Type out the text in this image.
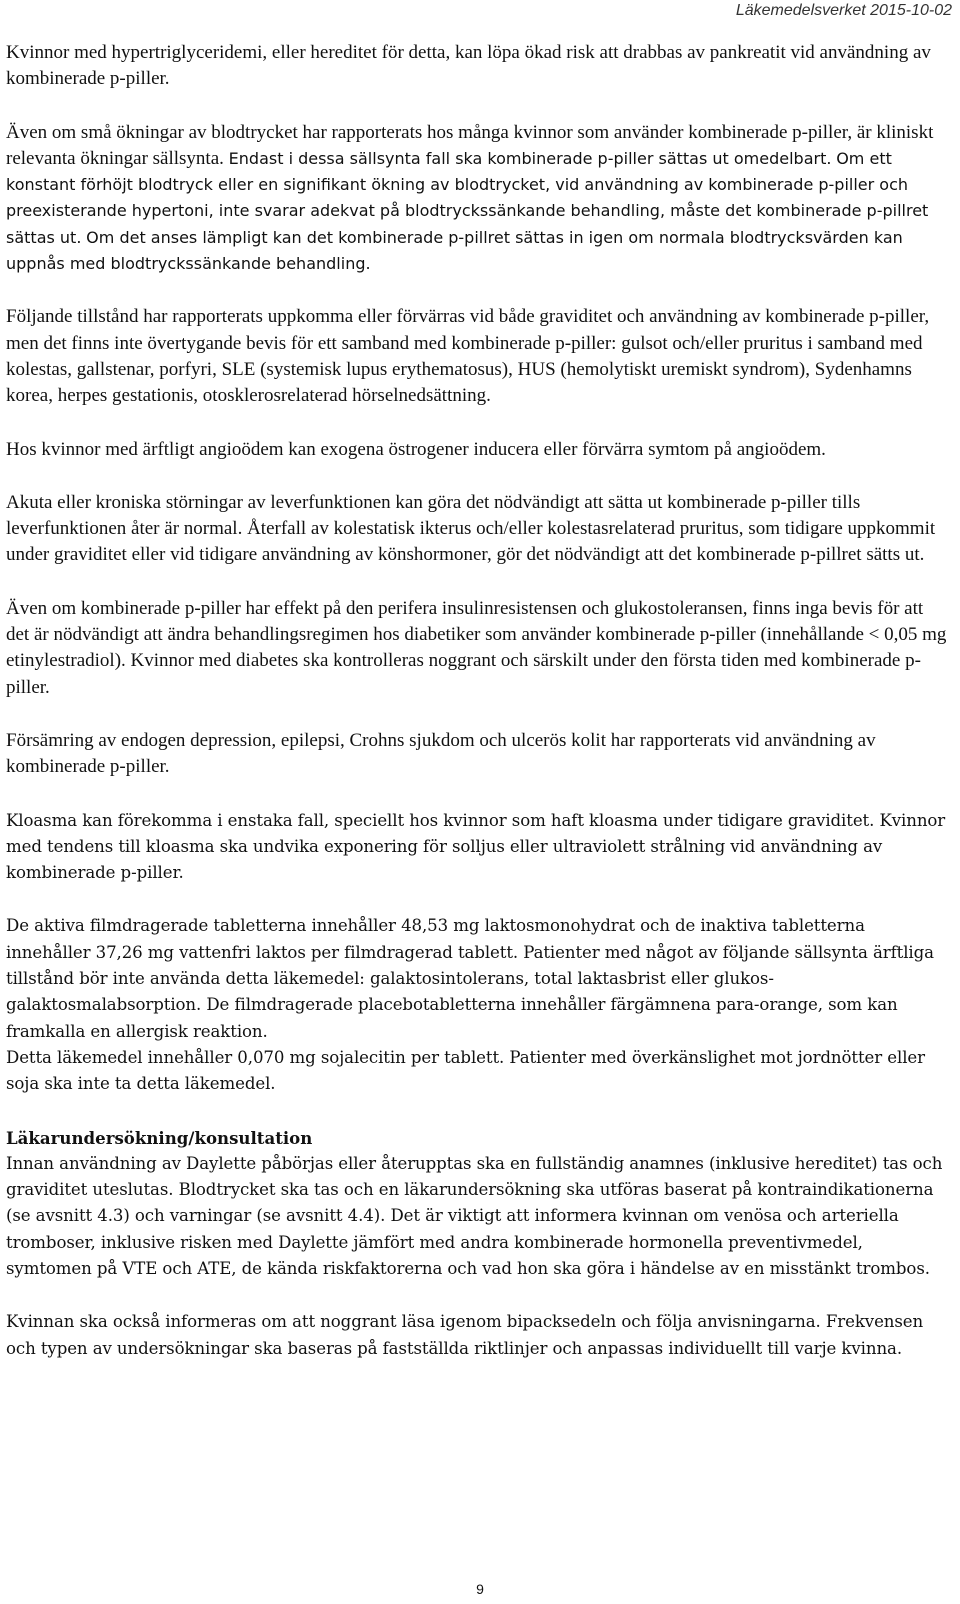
Läkemedelsverket 2015-10-02

Kvinnor med hypertriglyceridemi, eller hereditet för detta, kan löpa ökad risk att drabbas av pankreatit vid användning av kombinerade p-piller.

Även om små ökningar av blodtrycket har rapporterats hos många kvinnor som använder kombinerade p-piller, är kliniskt relevanta ökningar sällsynta. Endast i dessa sällsynta fall ska kombinerade p-piller sättas ut omedelbart. Om ett konstant förhöjt blodtryck eller en signifikant ökning av blodtrycket, vid användning av kombinerade p-piller och preexisterande hypertoni, inte svarar adekvat på blodtryckssänkande behandling, måste det kombinerade p-pillret sättas ut. Om det anses lämpligt kan det kombinerade p-pillret sättas in igen om normala blodtrycksvärden kan uppnås med blodtryckssänkande behandling.

Följande tillstånd har rapporterats uppkomma eller förvärras vid både graviditet och användning av kombinerade p-piller, men det finns inte övertygande bevis för ett samband med kombinerade p-piller: gulsot och/eller pruritus i samband med kolestas, gallstenar, porfyri, SLE (systemisk lupus erythematosus), HUS (hemolytiskt uremiskt syndrom), Sydenhamns korea, herpes gestationis, otosklerosrelaterad hörselnedsättning.

Hos kvinnor med ärftligt angioödem kan exogena östrogener inducera eller förvärra symtom på angioödem.

Akuta eller kroniska störningar av leverfunktionen kan göra det nödvändigt att sätta ut kombinerade p-piller tills leverfunktionen åter är normal. Återfall av kolestatisk ikterus och/eller kolestasrelaterad pruritus, som tidigare uppkommit under graviditet eller vid tidigare användning av könshormoner, gör det nödvändigt att det kombinerade p-pillret sätts ut.

Även om kombinerade p-piller har effekt på den perifera insulinresistensen och glukostoleransen, finns inga bevis för att det är nödvändigt att ändra behandlingsregimen hos diabetiker som använder kombinerade p-piller (innehållande < 0,05 mg etinylestradiol). Kvinnor med diabetes ska kontrolleras noggrant och särskilt under den första tiden med kombinerade p-piller.

Försämring av endogen depression, epilepsi, Crohns sjukdom och ulcerös kolit har rapporterats vid användning av kombinerade p-piller.

Kloasma kan förekomma i enstaka fall, speciellt hos kvinnor som haft kloasma under tidigare graviditet. Kvinnor med tendens till kloasma ska undvika exponering för solljus eller ultraviolett strålning vid användning av kombinerade p-piller.

De aktiva filmdragerade tabletterna innehåller 48,53 mg laktosmonohydrat och de inaktiva tabletterna innehåller 37,26 mg vattenfri laktos per filmdragerad tablett. Patienter med något av följande sällsynta ärftliga tillstånd bör inte använda detta läkemedel: galaktosintolerans, total laktasbrist eller glukos-galaktosmalabsorption. De filmdragerade placebotabletterna innehåller färgämnena para-orange, som kan framkalla en allergisk reaktion.

Detta läkemedel innehåller 0,070 mg sojalecitin per tablett. Patienter med överkänslighet mot jordnötter eller soja ska inte ta detta läkemedel.

Läkarundersökning/konsultation

Innan användning av Daylette påbörjas eller återupptas ska en fullständig anamnes (inklusive hereditet) tas och graviditet uteslutas. Blodtrycket ska tas och en läkarundersökning ska utföras baserat på kontraindikationerna (se avsnitt 4.3) och varningar (se avsnitt 4.4). Det är viktigt att informera kvinnan om venösa och arteriella tromboser, inklusive risken med Daylette jämfört med andra kombinerade hormonella preventivmedel, symtomen på VTE och ATE, de kända riskfaktorerna och vad hon ska göra i händelse av en misstänkt trombos.

Kvinnan ska också informeras om att noggrant läsa igenom bipacksedeln och följa anvisningarna. Frekvensen och typen av undersökningar ska baseras på fastställda riktlinjer och anpassas individuellt till varje kvinna.

9
